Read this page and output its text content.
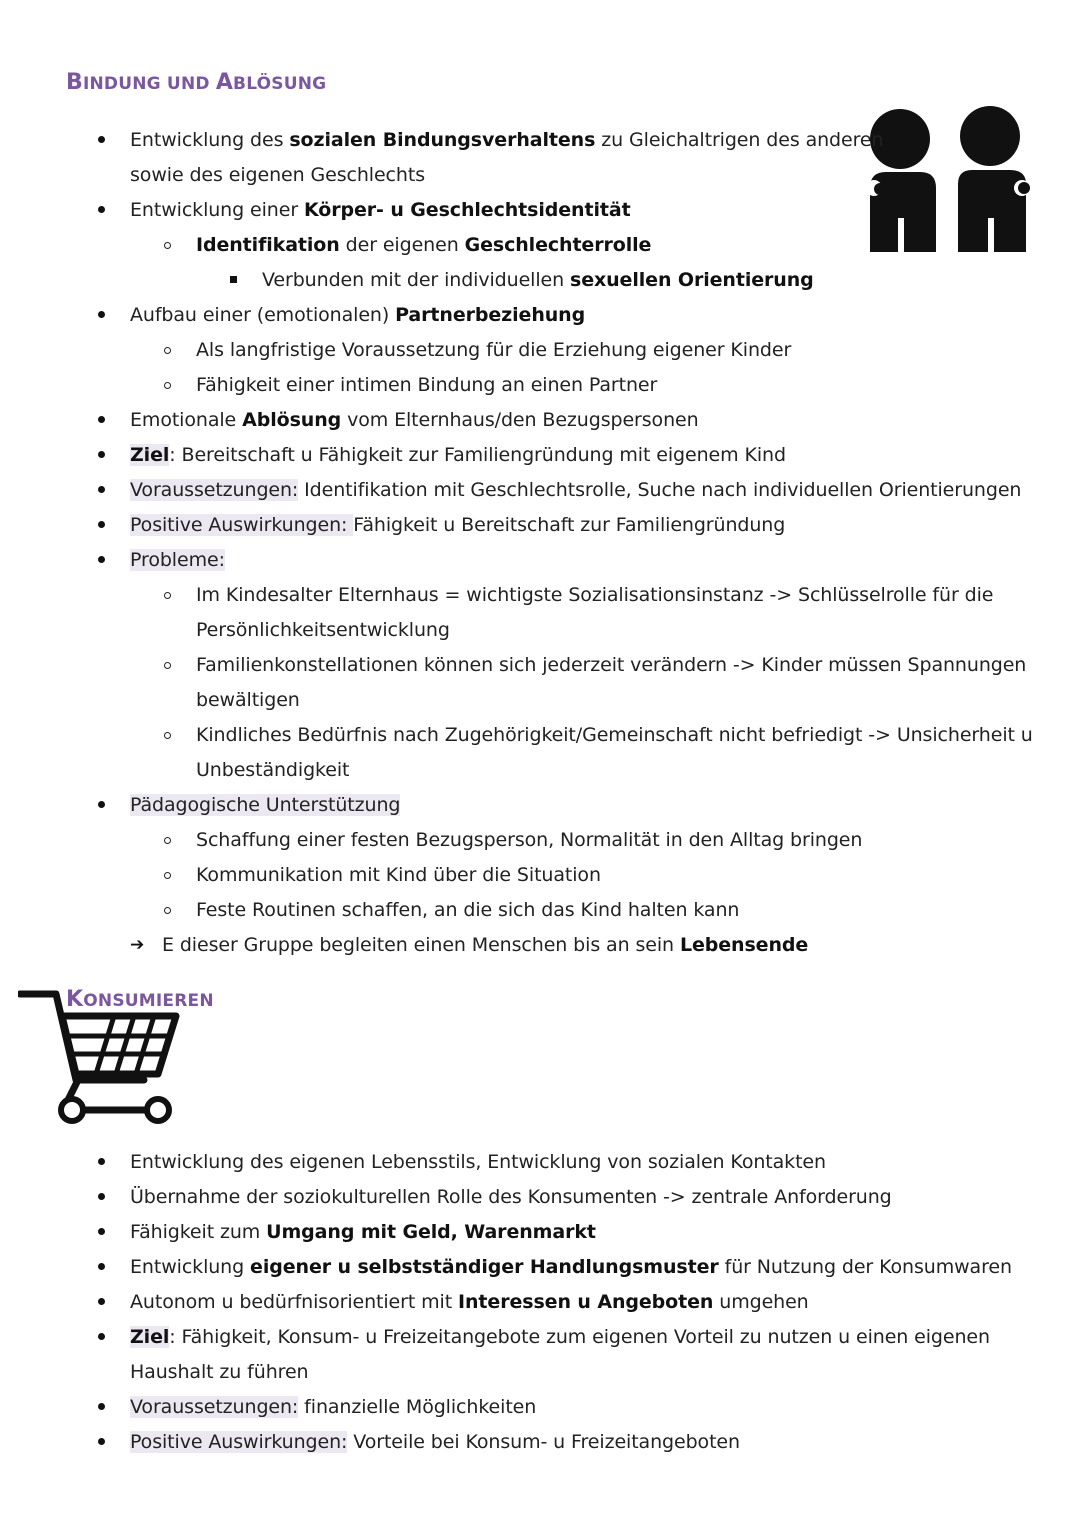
BINDUNG UND ABLÖSUNG
Entwicklung des sozialen Bindungsverhaltens zu Gleichaltrigen des anderen
sowie des eigenen Geschlechts
Entwicklung einer Körper- u Geschlechtsidentität
Identifikation der eigenen Geschlechterrolle
Verbunden mit der individuellen sexuellen Orientierung
Aufbau einer (emotionalen) Partnerbeziehung
Als langfristige Voraussetzung für die Erziehung eigener Kinder
Fähigkeit einer intimen Bindung an einen Partner
Emotionale Ablösung vom Elternhaus/den Bezugspersonen
Ziel: Bereitschaft u Fähigkeit zur Familiengründung mit eigenem Kind
Voraussetzungen: Identifikation mit Geschlechtsrolle, Suche nach individuellen Orientierungen
Positive Auswirkungen: Fähigkeit u Bereitschaft zur Familiengründung
Probleme:
Im Kindesalter Elternhaus = wichtigste Sozialisationsinstanz -> Schlüsselrolle für die
Persönlichkeitsentwicklung
Familienkonstellationen können sich jederzeit verändern -> Kinder müssen Spannungen
bewältigen
Kindliches Bedürfnis nach Zugehörigkeit/Gemeinschaft nicht befriedigt -> Unsicherheit u
Unbeständigkeit
Pädagogische Unterstützung
Schaffung einer festen Bezugsperson, Normalität in den Alltag bringen
Kommunikation mit Kind über die Situation
Feste Routinen schaffen, an die sich das Kind halten kann
➔ E dieser Gruppe begleiten einen Menschen bis an sein Lebensende
KONSUMIEREN
Entwicklung des eigenen Lebensstils, Entwicklung von sozialen Kontakten
Übernahme der soziokulturellen Rolle des Konsumenten -> zentrale Anforderung
Fähigkeit zum Umgang mit Geld, Warenmarkt
Entwicklung eigener u selbstständiger Handlungsmuster für Nutzung der Konsumwaren
Autonom u bedürfnisorientiert mit Interessen u Angeboten umgehen
Ziel: Fähigkeit, Konsum- u Freizeitangebote zum eigenen Vorteil zu nutzen u einen eigenen
Haushalt zu führen
Voraussetzungen: finanzielle Möglichkeiten
Positive Auswirkungen: Vorteile bei Konsum- u Freizeitangeboten
